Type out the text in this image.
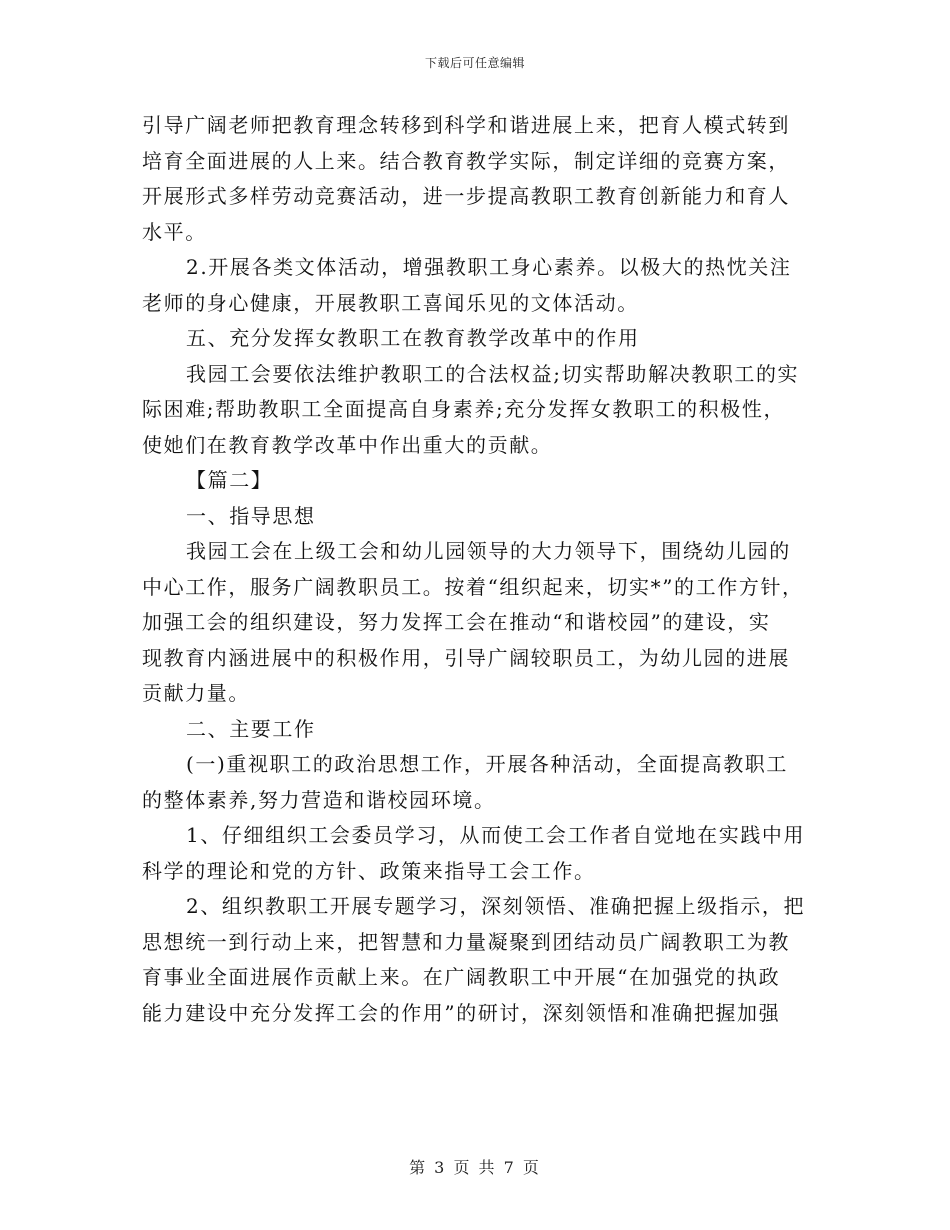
下载后可任意编辑
引导广阔老师把教育理念转移到科学和谐进展上来，把育人模式转到
培育全面进展的人上来。结合教育教学实际，制定详细的竞赛方案，
开展形式多样劳动竞赛活动，进一步提高教职工教育创新能力和育人
水平。
2.开展各类文体活动，增强教职工身心素养。以极大的热忱关注
老师的身心健康，开展教职工喜闻乐见的文体活动。
五、充分发挥女教职工在教育教学改革中的作用
我园工会要依法维护教职工的合法权益;切实帮助解决教职工的实
际困难;帮助教职工全面提高自身素养;充分发挥女教职工的积极性，
使她们在教育教学改革中作出重大的贡献。
【篇二】
一、指导思想
我园工会在上级工会和幼儿园领导的大力领导下，围绕幼儿园的
中心工作，服务广阔教职员工。按着“组织起来，切实*”的工作方针，
加强工会的组织建设，努力发挥工会在推动“和谐校园”的建设，实
现教育内涵进展中的积极作用，引导广阔较职员工，为幼儿园的进展
贡献力量。
二、主要工作
(一)重视职工的政治思想工作，开展各种活动，全面提高教职工
的整体素养,努力营造和谐校园环境。
1、仔细组织工会委员学习，从而使工会工作者自觉地在实践中用
科学的理论和党的方针、政策来指导工会工作。
2、组织教职工开展专题学习，深刻领悟、准确把握上级指示，把
思想统一到行动上来，把智慧和力量凝聚到团结动员广阔教职工为教
育事业全面进展作贡献上来。在广阔教职工中开展“在加强党的执政
能力建设中充分发挥工会的作用”的研讨，深刻领悟和准确把握加强
第 3 页 共 7 页
